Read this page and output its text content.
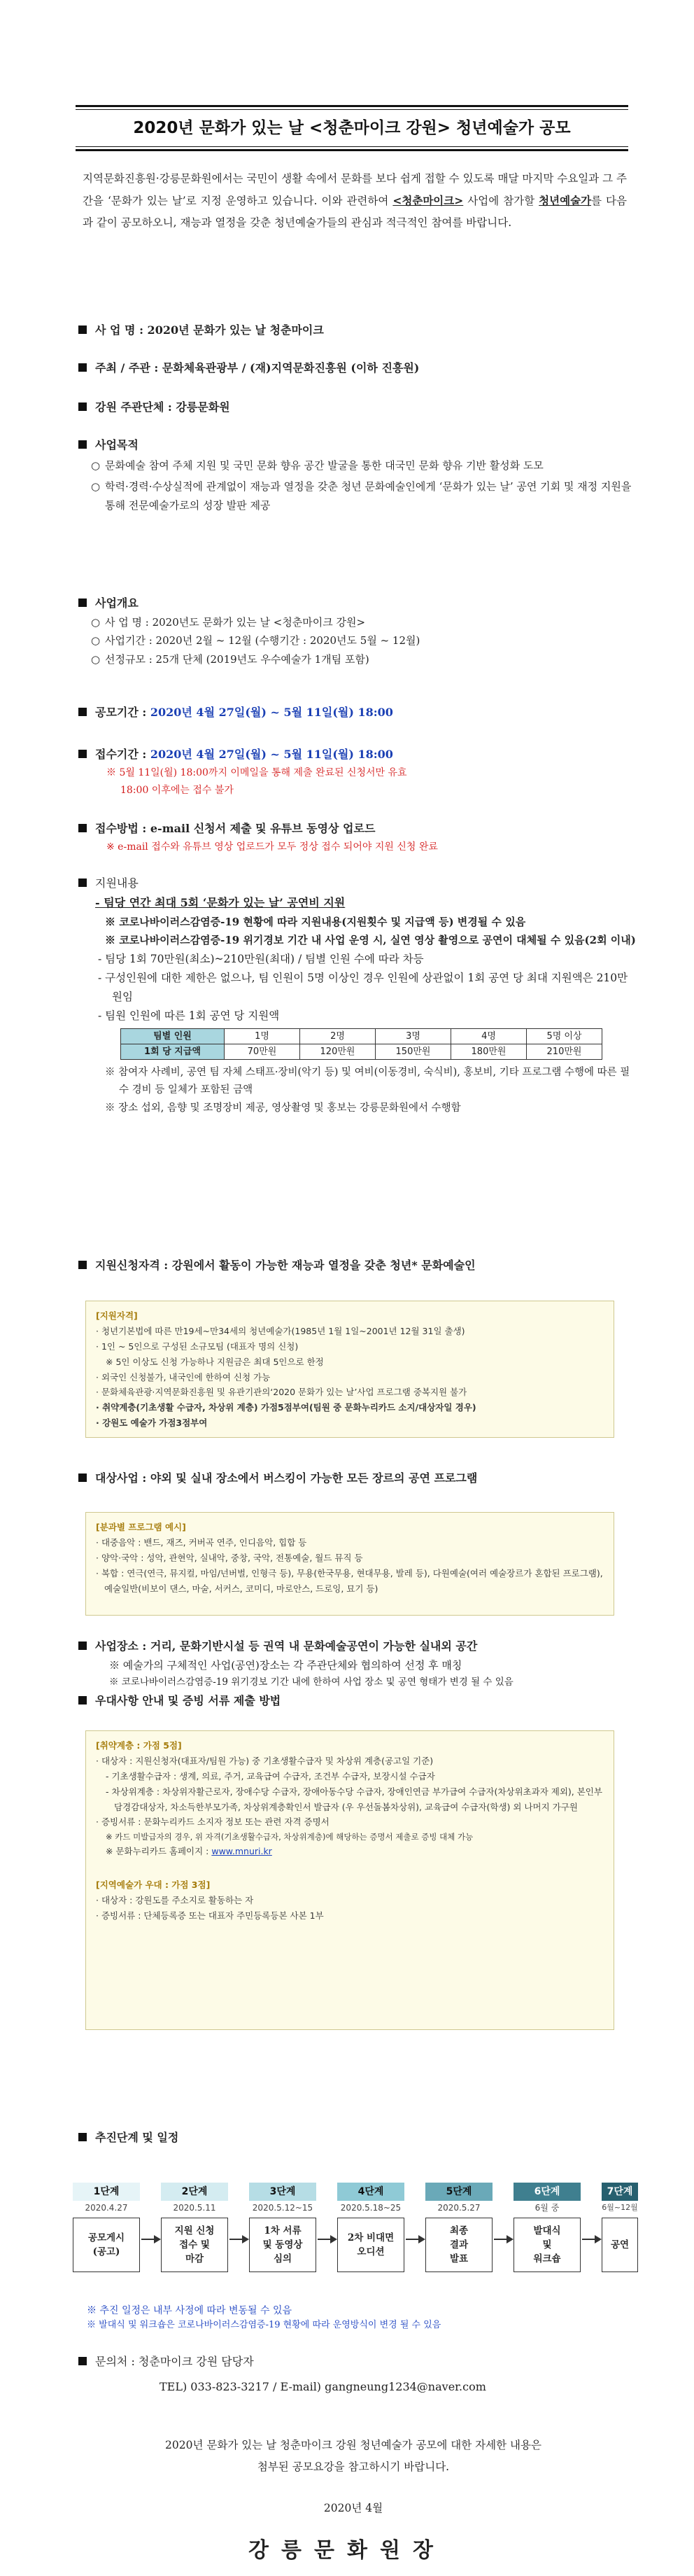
2020년 문화가 있는 날 <청춘마이크 강원> 청년예술가 공모
지역문화진흥원·강릉문화원에서는 국민이 생활 속에서 문화를 보다 쉽게 접할 수 있도록 매달 마지막 수요일과 그 주간을 ‘문화가 있는 날’로 지정 운영하고 있습니다. 이와 관련하여 <청춘마이크> 사업에 참가할 청년예술가를 다음과 같이 공모하오니, 재능과 열정을 갖춘 청년예술가들의 관심과 적극적인 참여를 바랍니다.
사 업 명 : 2020년 문화가 있는 날 청춘마이크
주최 / 주관 : 문화체육관광부 / (재)지역문화진흥원 (이하 진흥원)
강원 주관단체 : 강릉문화원
사업목적
○ 문화예술 참여 주체 지원 및 국민 문화 향유 공간 발굴을 통한 대국민 문화 향유 기반 활성화 도모
○ 학력·경력·수상실적에 관계없이 재능과 열정을 갖춘 청년 문화예술인에게 ‘문화가 있는 날’ 공연 기회 및 재정 지원을 통해 전문예술가로의 성장 발판 제공
사업개요
○ 사 업 명 : 2020년도 문화가 있는 날 <청춘마이크 강원>
○ 사업기간 : 2020년 2월 ~ 12월 (수행기간 : 2020년도 5월 ~ 12월)
○ 선정규모 : 25개 단체 (2019년도 우수예술가 1개팀 포함)
공모기간 : 2020년 4월 27일(월) ~ 5월 11일(월) 18:00
접수기간 : 2020년 4월 27일(월) ~ 5월 11일(월) 18:00
※ 5월 11일(월) 18:00까지 이메일을 통해 제출 완료된 신청서만 유효
18:00 이후에는 접수 불가
접수방법 : e-mail 신청서 제출 및 유튜브 동영상 업로드
※ e-mail 접수와 유튜브 영상 업로드가 모두 정상 접수 되어야 지원 신청 완료
지원내용
- 팀당 연간 최대 5회 ‘문화가 있는 날’ 공연비 지원
※ 코로나바이러스감염증-19 현황에 따라 지원내용(지원횟수 및 지급액 등) 변경될 수 있음
※ 코로나바이러스감염증-19 위기경보 기간 내 사업 운영 시, 실연 영상 촬영으로 공연이 대체될 수 있음(2회 이내)
- 팀당 1회 70만원(최소)~210만원(최대) / 팀별 인원 수에 따라 차등
- 구성인원에 대한 제한은 없으나, 팀 인원이 5명 이상인 경우 인원에 상관없이 1회 공연 당 최대 지원액은 210만원임
- 팀원 인원에 따른 1회 공연 당 지원액
팀별 인원	1명	2명	3명	4명	5명 이상
1회 당 지급액	70만원	120만원	150만원	180만원	210만원
※ 참여자 사례비, 공연 팀 자체 스태프·장비(악기 등) 및 여비(이동경비, 숙식비), 홍보비, 기타 프로그램 수행에 따른 필수 경비 등 일체가 포함된 금액
※ 장소 섭외, 음향 및 조명장비 제공, 영상촬영 및 홍보는 강릉문화원에서 수행함
지원신청자격 : 강원에서 활동이 가능한 재능과 열정을 갖춘 청년* 문화예술인
[지원자격]
· 청년기본법에 따른 만19세~만34세의 청년예술가(1985년 1월 1일~2001년 12월 31일 출생)
· 1인 ~ 5인으로 구성된 소규모팀 (대표자 명의 신청)
※ 5인 이상도 신청 가능하나 지원금은 최대 5인으로 한정
· 외국인 신청불가, 내국인에 한하여 신청 가능
· 문화체육관광·지역문화진흥원 및 유관기관의‘2020 문화가 있는 날’사업 프로그램 중복지원 불가
· 취약계층(기초생활 수급자, 차상위 계층) 가점5점부여(팀원 중 문화누리카드 소지/대상자일 경우)
· 강원도 예술가 가점3점부여
대상사업 : 야외 및 실내 장소에서 버스킹이 가능한 모든 장르의 공연 프로그램
[분과별 프로그램 예시]
· 대중음악 : 밴드, 재즈, 커버곡 연주, 인디음악, 힙합 등
· 양악·국악 : 성악, 관현악, 실내악, 중창, 국악, 전통예술, 월드 뮤직 등
· 복합 : 연극(연극, 뮤지컬, 마임/넌버벌, 인형극 등), 무용(한국무용, 현대무용, 발레 등), 다원예술(여러 예술장르가 혼합된 프로그램), 예술일반(비보이 댄스, 마술, 서커스, 코미디, 마로안스, 드로잉, 묘기 등)
사업장소 : 거리, 문화기반시설 등 권역 내 문화예술공연이 가능한 실내외 공간
※ 예술가의 구체적인 사업(공연)장소는 각 주관단체와 협의하여 선정 후 매칭
※ 코로나바이러스감염증-19 위기경보 기간 내에 한하여 사업 장소 및 공연 형태가 변경 될 수 있음
우대사항 안내 및 증빙 서류 제출 방법
[취약계층 : 가점 5점]
· 대상자 : 지원신청자(대표자/팀원 가능) 중 기초생활수급자 및 차상위 계층(공고일 기준)
- 기초생활수급자 : 생계, 의료, 주거, 교육급여 수급자, 조건부 수급자, 보장시설 수급자
- 차상위계층 : 차상위자활근로자, 장애수당 수급자, 장애아동수당 수급자, 장애인연금 부가급여 수급자(차상위초과자 제외), 본인부담경감대상자, 차소득한부모가족, 차상위계층확인서 발급자 (우 우선돌봄차상위), 교육급여 수급자(학생) 외 나머지 가구원
· 증빙서류 : 문화누리카드 소지자 정보 또는 관련 자격 증명서
※ 카드 미발급자의 경우, 위 자격(기초생활수급자, 차상위계층)에 해당하는 증명서 제출로 증빙 대체 가능
※ 문화누리카드 홈페이지 : www.mnuri.kr
[지역예술가 우대 : 가점 3점]
· 대상자 : 강원도를 주소지로 활동하는 자
· 증빙서류 : 단체등록증 또는 대표자 주민등록등본 사본 1부
추진단계 및 일정
1단계
2020.4.27
공모게시
(공고)
2단계
2020.5.11
지원 신청
접수 및
마감
3단계
2020.5.12~15
1차 서류
및 동영상
심의
4단계
2020.5.18~25
2차 비대면
오디션
5단계
2020.5.27
최종
결과
발표
6단계
6월 중
발대식
및
워크숍
7단계
6월~12월
공연
※ 추진 일정은 내부 사정에 따라 변동될 수 있음
※ 발대식 및 워크숍은 코로나바이러스감염증-19 현황에 따라 운영방식이 변경 될 수 있음
문의처 : 청춘마이크 강원 담당자
TEL) 033-823-3217 / E-mail) gangneung1234@naver.com
2020년 문화가 있는 날 청춘마이크 강원 청년예술가 공모에 대한 자세한 내용은
첨부된 공모요강을 참고하시기 바랍니다.
2020년 4월
강릉문화원장
